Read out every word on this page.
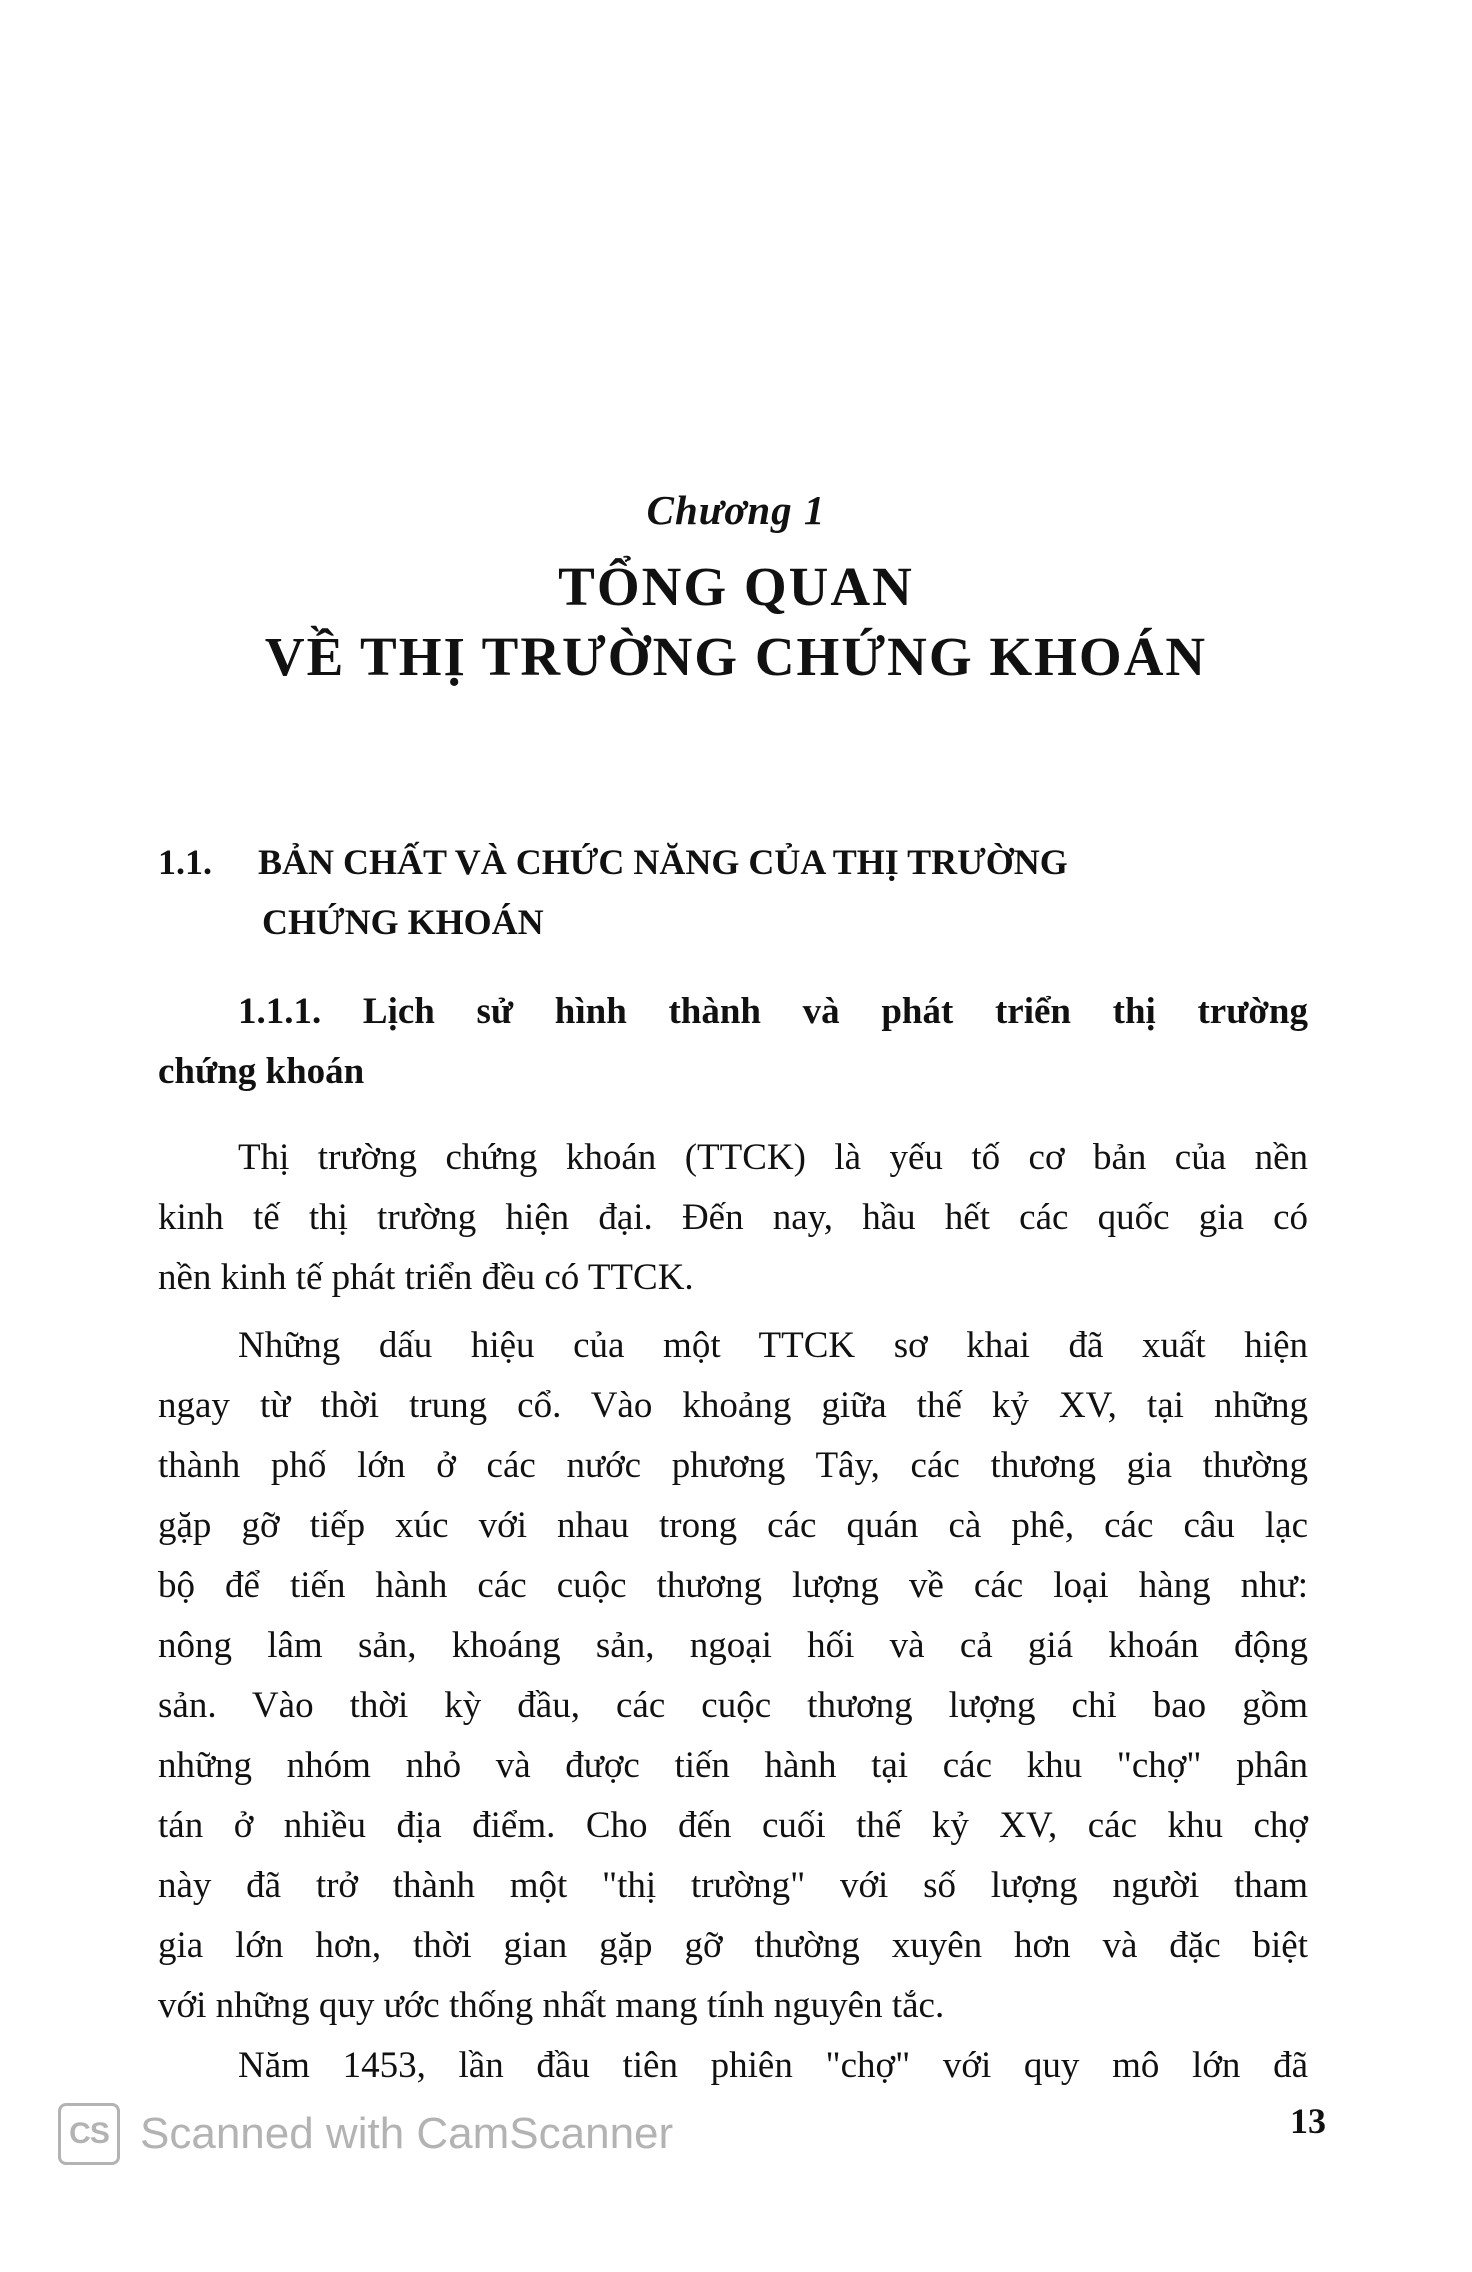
Chương 1
TỔNG QUAN
VỀ THỊ TRƯỜNG CHỨNG KHOÁN
1.1. BẢN CHẤT VÀ CHỨC NĂNG CỦA THỊ TRƯỜNG
CHỨNG KHOÁN
1.1.1. Lịch sử hình thành và phát triển thị trường
chứng khoán
Thị trường chứng khoán (TTCK) là yếu tố cơ bản của nền
kinh tế thị trường hiện đại. Đến nay, hầu hết các quốc gia có
nền kinh tế phát triển đều có TTCK.
Những dấu hiệu của một TTCK sơ khai đã xuất hiện
ngay từ thời trung cổ. Vào khoảng giữa thế kỷ XV, tại những
thành phố lớn ở các nước phương Tây, các thương gia thường
gặp gỡ tiếp xúc với nhau trong các quán cà phê, các câu lạc
bộ để tiến hành các cuộc thương lượng về các loại hàng như:
nông lâm sản, khoáng sản, ngoại hối và cả giá khoán động
sản. Vào thời kỳ đầu, các cuộc thương lượng chỉ bao gồm
những nhóm nhỏ và được tiến hành tại các khu "chợ" phân
tán ở nhiều địa điểm. Cho đến cuối thế kỷ XV, các khu chợ
này đã trở thành một "thị trường" với số lượng người tham
gia lớn hơn, thời gian gặp gỡ thường xuyên hơn và đặc biệt
với những quy ước thống nhất mang tính nguyên tắc.
Năm 1453, lần đầu tiên phiên "chợ" với quy mô lớn đã
CS Scanned with CamScanner	13
